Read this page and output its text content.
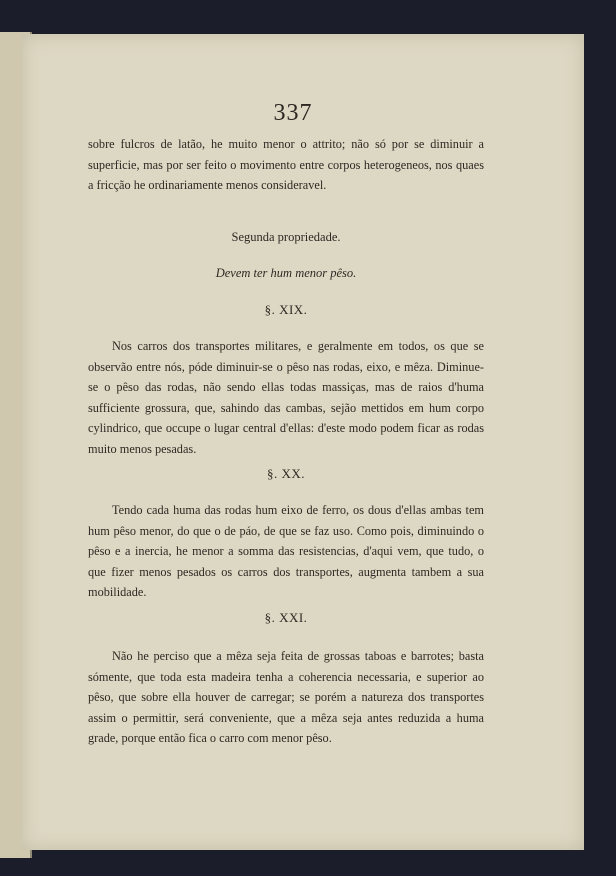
337

sobre fulcros de latão, he muito menor o attrito; não só por se diminuir a superficie, mas por ser feito o movimento entre corpos heterogeneos, nos quaes a fricção he ordinariamente menos consideravel.

Segunda propriedade.

Devem ter hum menor pêso.

§. XIX.

Nos carros dos transportes militares, e geralmente em todos, os que se observão entre nós, póde diminuir-se o pêso nas rodas, eixo, e mêza. Diminue-se o pêso das rodas, não sendo ellas todas massiças, mas de raios d'huma sufficiente grossura, que, sahindo das cambas, sejão mettidos em hum corpo cylindrico, que occupe o lugar central d'ellas: d'este modo podem ficar as rodas muito menos pesadas.

§. XX.

Tendo cada huma das rodas hum eixo de ferro, os dous d'ellas ambas tem hum pêso menor, do que o de páo, de que se faz uso. Como pois, diminuindo o pêso e a inercia, he menor a somma das resistencias, d'aqui vem, que tudo, o que fizer menos pesados os carros dos transportes, augmenta tambem a sua mobilidade.

§. XXI.

Não he perciso que a mêza seja feita de grossas taboas e barrotes; basta sómente, que toda esta madeira tenha a coherencia necessaria, e superior ao pêso, que sobre ella houver de carregar; se porém a natureza dos transportes assim o permittir, será conveniente, que a mêza seja antes reduzida a huma grade, porque então fica o carro com menor pêso.
